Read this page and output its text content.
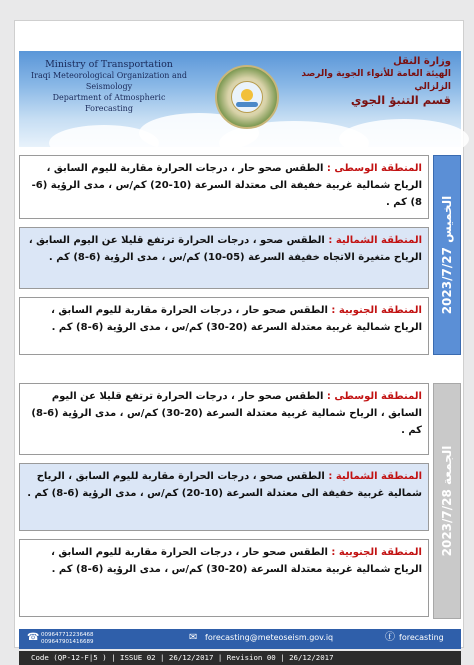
Ministry of Transportation
Iraqi Meteorological Organization and Seismology
Department of Atmospheric Forecasting
وزارة النقل
الهيئة العامة للأنواء الجوية والرصد الزلزالي
قسم التنبؤ الجوي
المنطقة الوسطى : الطقس صحو حار ، درجات الحرارة مقاربة لليوم السابق ، الرياح شمالية غربية خفيفة الى معتدلة السرعة (10-20) كم/س ، مدى الرؤية (6-8) كم .
المنطقة الشمالية : الطقس صحو ، درجات الحرارة ترتفع قليلا عن اليوم السابق ، الرياح متغيرة الاتجاه خفيفة السرعة (05-10) كم/س ، مدى الرؤية (6-8) كم .
المنطقة الجنوبية : الطقس صحو حار ، درجات الحرارة مقاربة لليوم السابق ، الرياح شمالية غربية معتدلة السرعة (20-30) كم/س ، مدى الرؤية (6-8) كم .
الخميس 2023/7/27
المنطقة الوسطى : الطقس صحو حار ، درجات الحرارة ترتفع قليلا عن اليوم السابق ، الرياح شمالية غربية معتدلة السرعة (20-30) كم/س ، مدى الرؤية (6-8) كم .
المنطقة الشمالية : الطقس صحو ، درجات الحرارة مقاربة لليوم السابق ، الرياح شمالية غربية خفيفة الى معتدلة السرعة (10-20) كم/س ، مدى الرؤية (6-8) كم .
المنطقة الجنوبية : الطقس صحو حار ، درجات الحرارة مقاربة لليوم السابق ، الرياح شمالية غربية معتدلة السرعة (20-30) كم/س ، مدى الرؤية (6-8) كم .
الجمعة 2023/7/28
☎ 009647712236468
009647901416689	✉ forecasting@meteoseism.gov.iq	ⓕ forecasting
Code (QP-12-F|5 ) | ISSUE 02 | 26/12/2017 | Revision 00 | 26/12/2017
